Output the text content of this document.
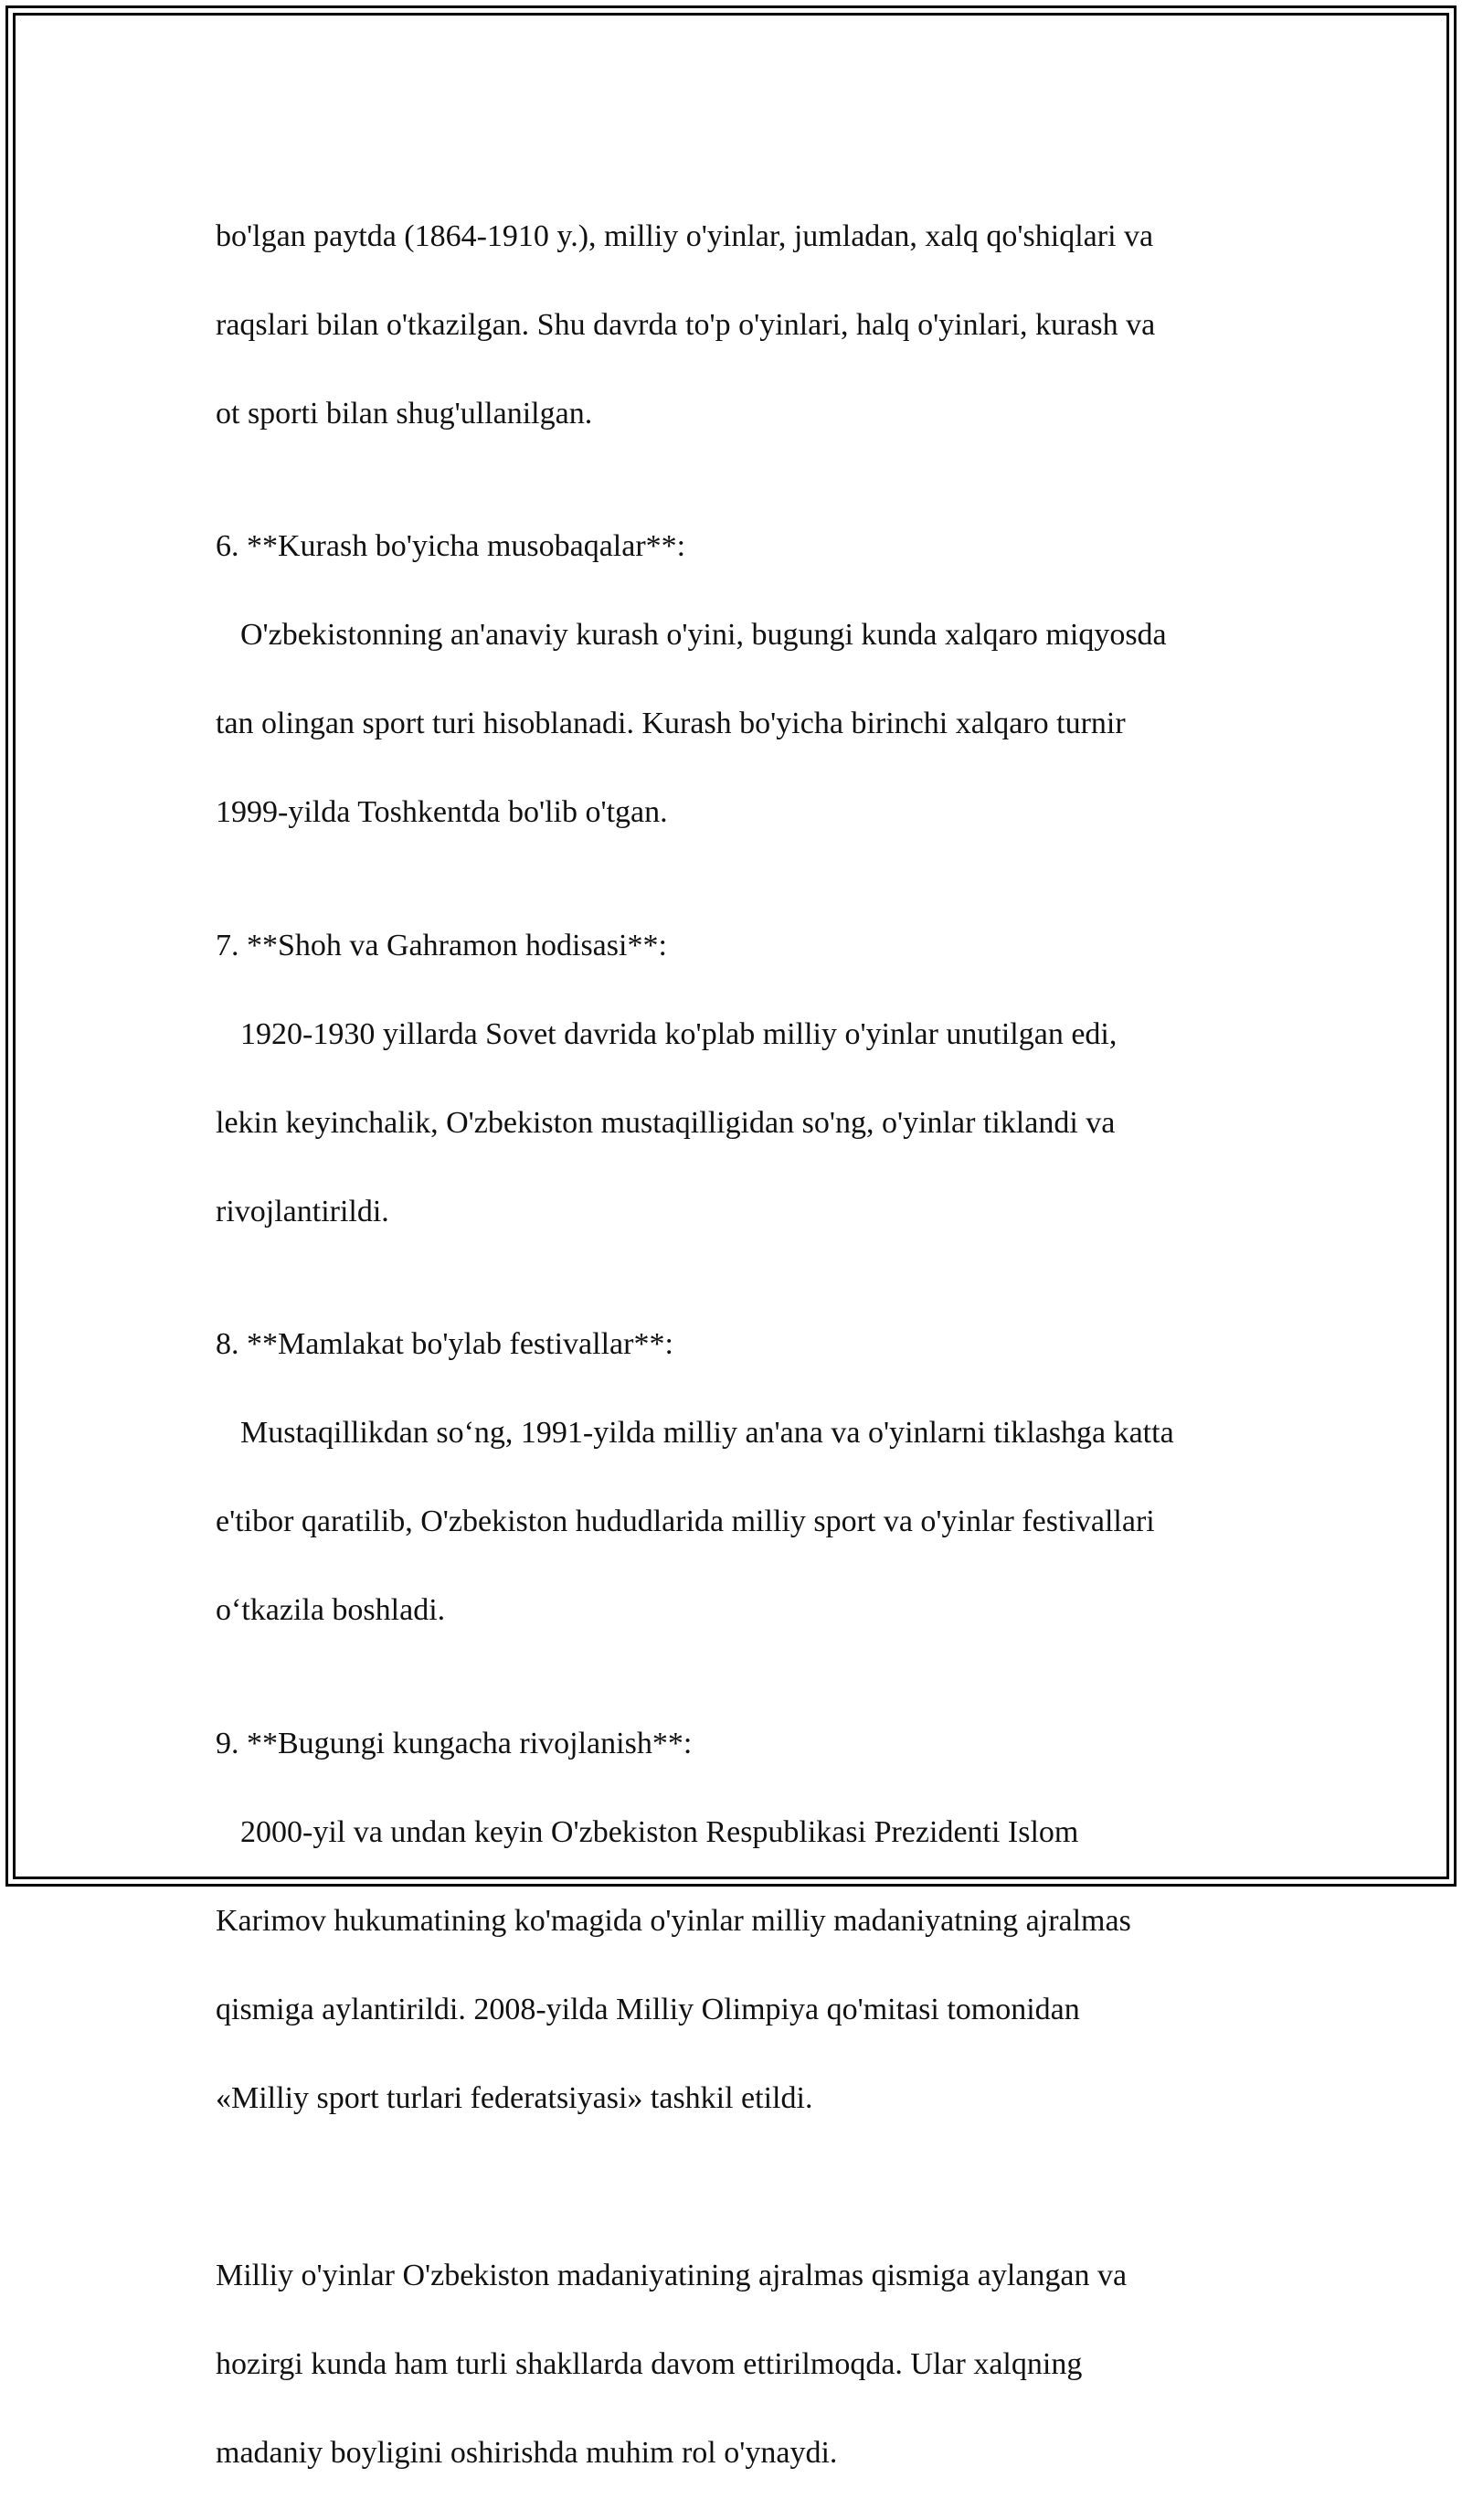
bo'lgan paytda (1864-1910 y.), milliy o'yinlar, jumladan, xalq qo'shiqlari va

raqslari bilan o'tkazilgan. Shu davrda to'p o'yinlari, halq o'yinlari, kurash va

ot sporti bilan shug'ullanilgan.

6. **Kurash bo'yicha musobaqalar**:

O'zbekistonning an'anaviy kurash o'yini, bugungi kunda xalqaro miqyosda

tan olingan sport turi hisoblanadi. Kurash bo'yicha birinchi xalqaro turnir

1999-yilda Toshkentda bo'lib o'tgan.

7. **Shoh va Gahramon hodisasi**:

1920-1930 yillarda Sovet davrida ko'plab milliy o'yinlar unutilgan edi,

lekin keyinchalik, O'zbekiston mustaqilligidan so'ng, o'yinlar tiklandi va

rivojlantirildi.

8. **Mamlakat bo'ylab festivallar**:

Mustaqillikdan so‘ng, 1991-yilda milliy an'ana va o'yinlarni tiklashga katta

e'tibor qaratilib, O'zbekiston hududlarida milliy sport va o'yinlar festivallari

o‘tkazila boshladi.

9. **Bugungi kungacha rivojlanish**:

2000-yil va undan keyin O'zbekiston Respublikasi Prezidenti Islom

Karimov hukumatining ko'magida o'yinlar milliy madaniyatning ajralmas

qismiga aylantirildi. 2008-yilda Milliy Olimpiya qo'mitasi tomonidan

«Milliy sport turlari federatsiyasi» tashkil etildi.

Milliy o'yinlar O'zbekiston madaniyatining ajralmas qismiga aylangan va

hozirgi kunda ham turli shakllarda davom ettirilmoqda. Ular xalqning

madaniy boyligini oshirishda muhim rol o'ynaydi.
